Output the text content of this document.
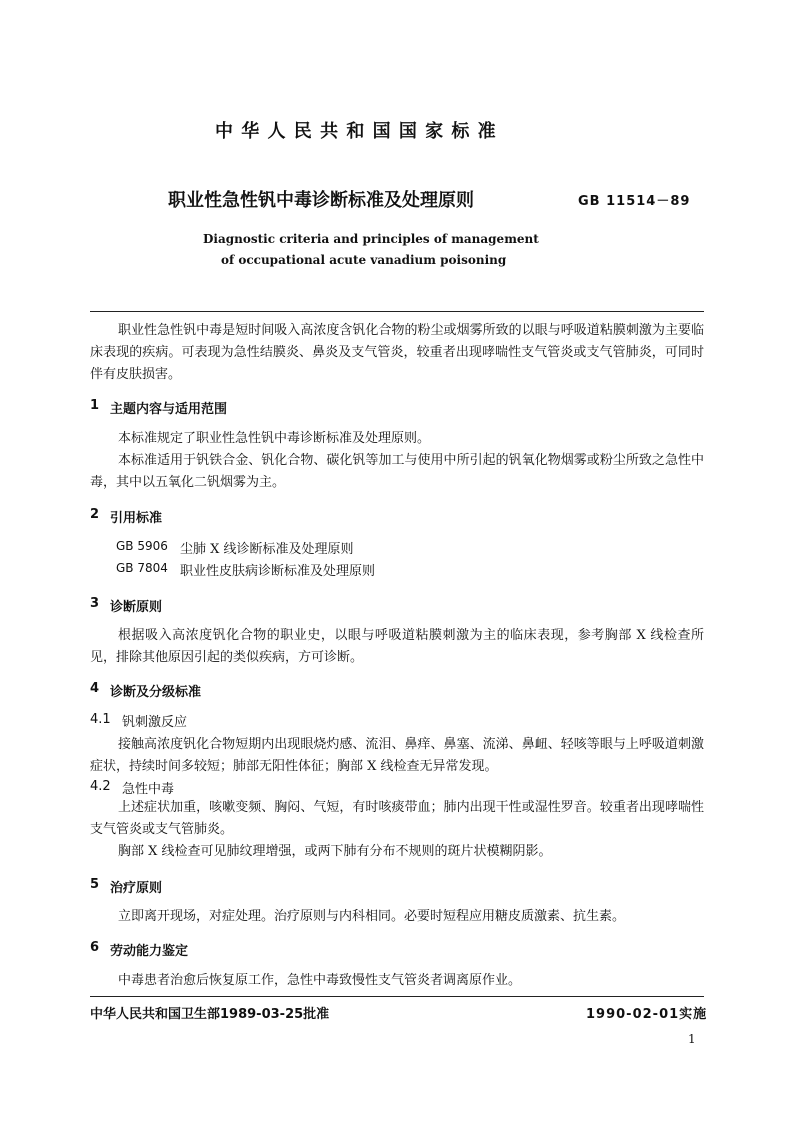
中 华 人 民 共 和 国 国 家 标 准
职业性急性钒中毒诊断标准及处理原则	GB 11514－89
Diagnostic criteria and principles of management
of occupational acute vanadium poisoning
职业性急性钒中毒是短时间吸入高浓度含钒化合物的粉尘或烟雾所致的以眼与呼吸道粘膜刺激为主要临床表现的疾病。可表现为急性结膜炎、鼻炎及支气管炎，较重者出现哮喘性支气管炎或支气管肺炎，可同时伴有皮肤损害。
1 主题内容与适用范围
本标准规定了职业性急性钒中毒诊断标准及处理原则。
本标准适用于钒铁合金、钒化合物、碳化钒等加工与使用中所引起的钒氧化物烟雾或粉尘所致之急性中毒，其中以五氧化二钒烟雾为主。
2 引用标准
GB 5906 尘肺 X 线诊断标准及处理原则
GB 7804 职业性皮肤病诊断标准及处理原则
3 诊断原则
根据吸入高浓度钒化合物的职业史，以眼与呼吸道粘膜刺激为主的临床表现，参考胸部 X 线检查所见，排除其他原因引起的类似疾病，方可诊断。
4 诊断及分级标准
4.1 钒刺激反应
接触高浓度钒化合物短期内出现眼烧灼感、流泪、鼻痒、鼻塞、流涕、鼻衄、轻咳等眼与上呼吸道刺激症状，持续时间多较短；肺部无阳性体征；胸部 X 线检查无异常发现。
4.2 急性中毒
上述症状加重，咳嗽变频、胸闷、气短，有时咳痰带血；肺内出现干性或湿性罗音。较重者出现哮喘性支气管炎或支气管肺炎。
胸部 X 线检查可见肺纹理增强，或两下肺有分布不规则的斑片状模糊阴影。
5 治疗原则
立即离开现场，对症处理。治疗原则与内科相同。必要时短程应用糖皮质激素、抗生素。
6 劳动能力鉴定
中毒患者治愈后恢复原工作，急性中毒致慢性支气管炎者调离原作业。
中华人民共和国卫生部1989-03-25批准	1990-02-01实施
1
